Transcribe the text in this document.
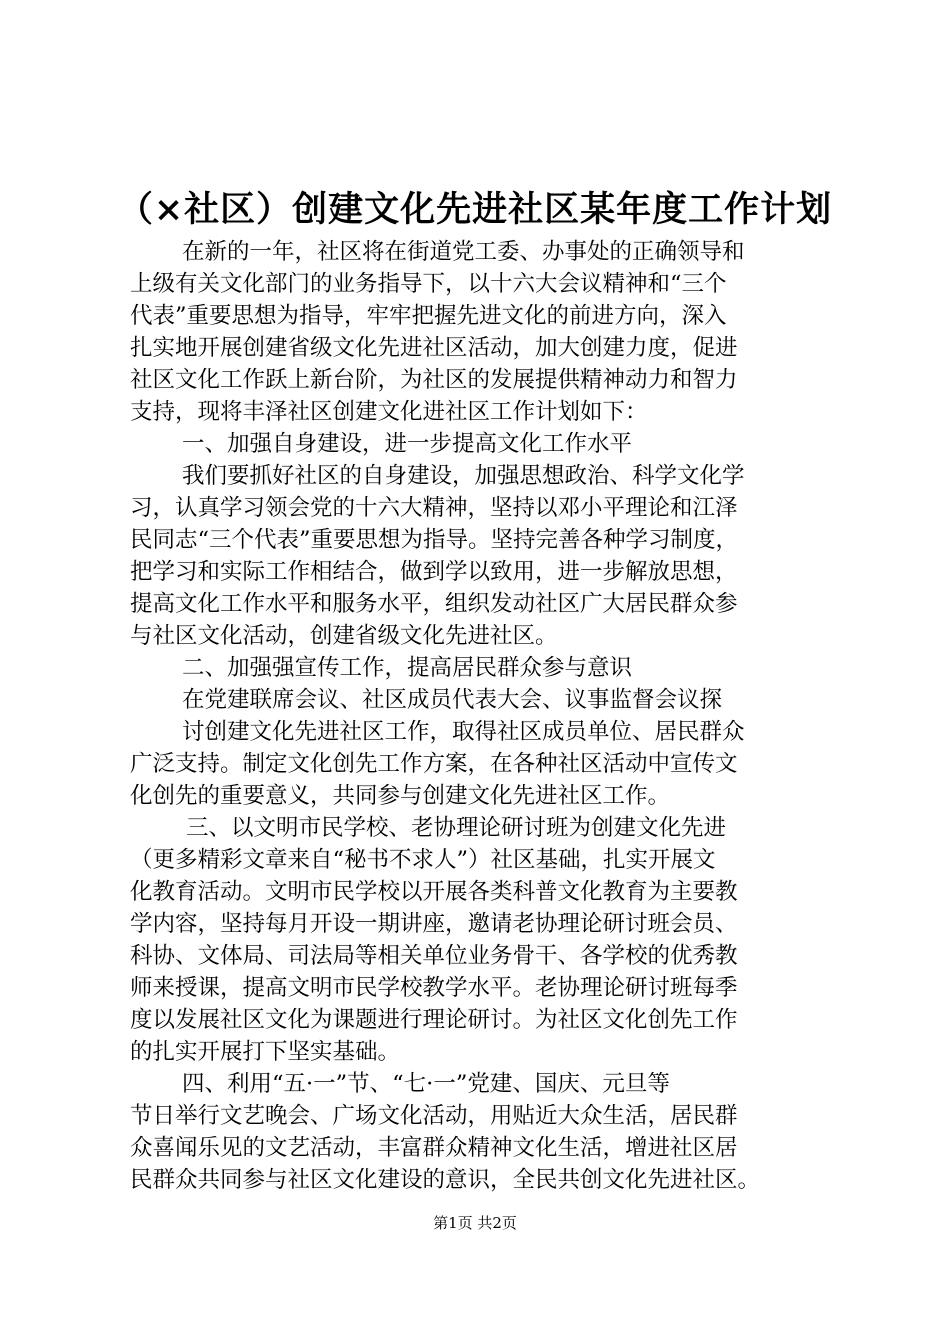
（×社区）创建文化先进社区某年度工作计划
在新的一年，社区将在街道党工委、办事处的正确领导和
上级有关文化部门的业务指导下，以十六大会议精神和“三个
代表”重要思想为指导，牢牢把握先进文化的前进方向，深入
扎实地开展创建省级文化先进社区活动，加大创建力度，促进
社区文化工作跃上新台阶，为社区的发展提供精神动力和智力
支持，现将丰泽社区创建文化进社区工作计划如下：
一、加强自身建设，进一步提高文化工作水平
我们要抓好社区的自身建设，加强思想政治、科学文化学
习，认真学习领会党的十六大精神，坚持以邓小平理论和江泽
民同志“三个代表”重要思想为指导。坚持完善各种学习制度，
把学习和实际工作相结合，做到学以致用，进一步解放思想，
提高文化工作水平和服务水平，组织发动社区广大居民群众参
与社区文化活动，创建省级文化先进社区。
二、加强强宣传工作，提高居民群众参与意识
在党建联席会议、社区成员代表大会、议事监督会议探
讨创建文化先进社区工作，取得社区成员单位、居民群众
广泛支持。制定文化创先工作方案，在各种社区活动中宣传文
化创先的重要意义，共同参与创建文化先进社区工作。
三、以文明市民学校、老协理论研讨班为创建文化先进
（更多精彩文章来自“秘书不求人”）社区基础，扎实开展文
化教育活动。文明市民学校以开展各类科普文化教育为主要教
学内容，坚持每月开设一期讲座，邀请老协理论研讨班会员、
科协、文体局、司法局等相关单位业务骨干、各学校的优秀教
师来授课，提高文明市民学校教学水平。老协理论研讨班每季
度以发展社区文化为课题进行理论研讨。为社区文化创先工作
的扎实开展打下坚实基础。
四、利用“五·一”节、“七·一”党建、国庆、元旦等
节日举行文艺晚会、广场文化活动，用贴近大众生活，居民群
众喜闻乐见的文艺活动，丰富群众精神文化生活，增进社区居
民群众共同参与社区文化建设的意识，全民共创文化先进社区。
第1页 共2页
